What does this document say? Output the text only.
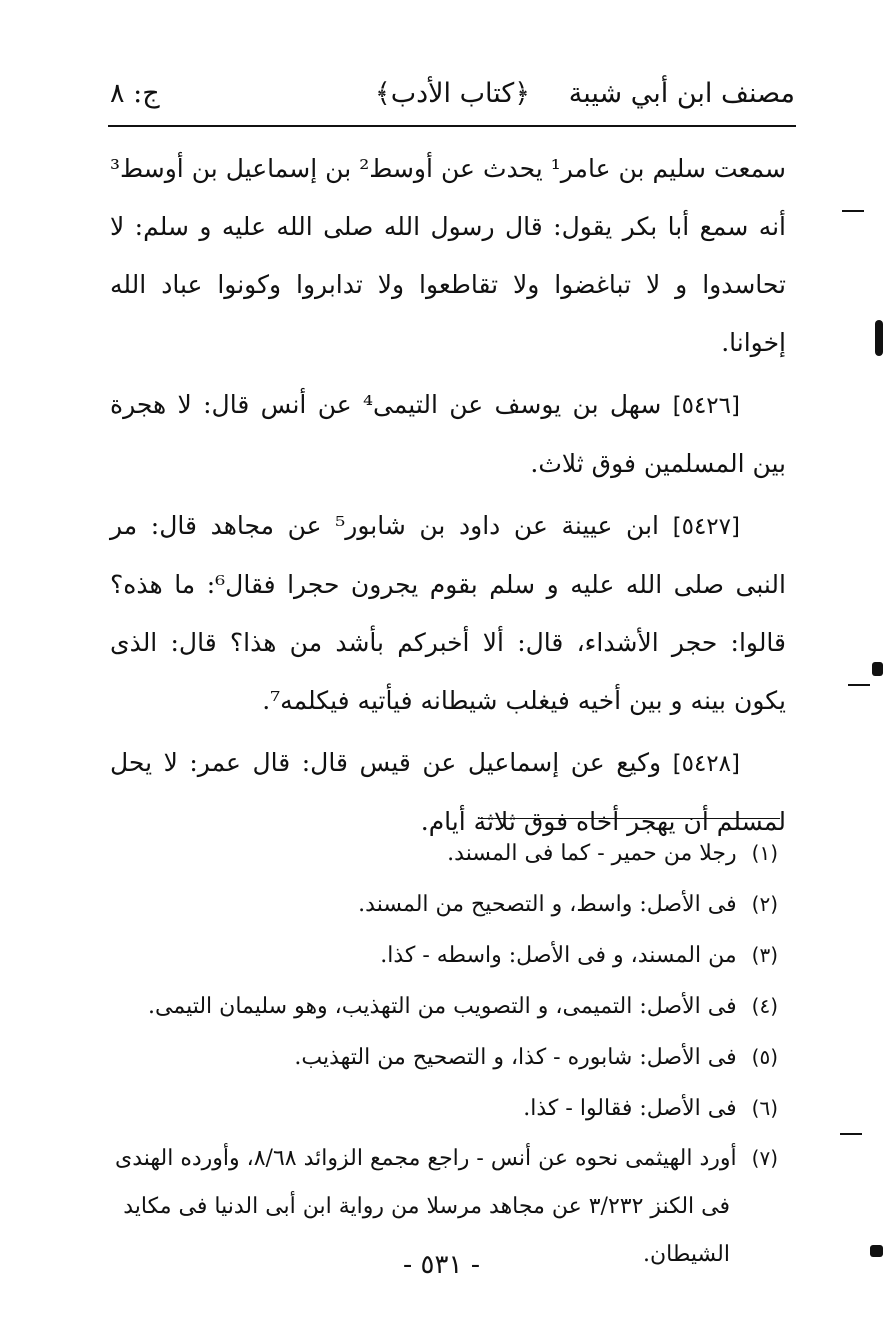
مصنف ابن أبي شيبة
﴿كتاب الأدب﴾
ج: ٨

سمعت سليم بن عامر¹ يحدث عن أوسط² بن إسماعيل بن أوسط³ أنه سمع أبا بكر يقول: قال رسول الله صلى الله عليه و سلم: لا تحاسدوا و لا تباغضوا ولا تقاطعوا ولا تدابروا وكونوا عباد الله إخوانا.

[٥٤٢٦] سهل بن يوسف عن التيمى⁴ عن أنس قال: لا هجرة بين المسلمين فوق ثلاث.

[٥٤٢٧] ابن عيينة عن داود بن شابور⁵ عن مجاهد قال: مر النبى صلى الله عليه و سلم بقوم يجرون حجرا فقال⁶: ما هذه؟ قالوا: حجر الأشداء، قال: ألا أخبركم بأشد من هذا؟ قال: الذى يكون بينه و بين أخيه فيغلب شيطانه فيأتيه فيكلمه⁷.

[٥٤٢٨] وكيع عن إسماعيل عن قيس قال: قال عمر: لا يحل لمسلم أن يهجر أخاه فوق ثلاثة أيام.

(١) رجلا من حمير - كما فى المسند.

(٢) فى الأصل: واسط، و التصحيح من المسند.

(٣) من المسند، و فى الأصل: واسطه - كذا.

(٤) فى الأصل: التميمى، و التصويب من التهذيب، وهو سليمان التيمى.

(٥) فى الأصل: شابوره - كذا، و التصحيح من التهذيب.

(٦) فى الأصل: فقالوا - كذا.

(٧) أورد الهيثمى نحوه عن أنس - راجع مجمع الزوائد ٨/٦٨، وأورده الهندى فى الكنز ٣/٢٣٢ عن مجاهد مرسلا من رواية ابن أبى الدنيا فى مكايد الشيطان.

- ٥٣١ -
